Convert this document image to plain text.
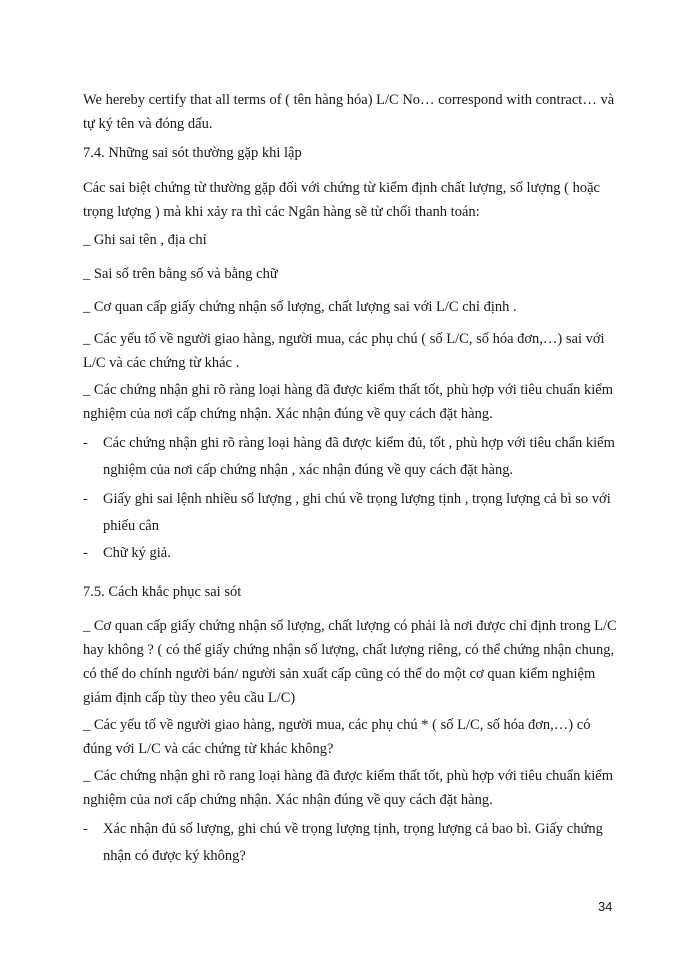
We hereby certify that all terms of ( tên hàng hóa) L/C No… correspond with contract… và tự ký tên và đóng dấu.

7.4. Những sai sót thường gặp khi lập

Các sai biệt chứng từ thường gặp đối với chứng từ kiểm định chất lượng, số lượng ( hoặc trọng lượng ) mà khi xảy ra thì các Ngân hàng sẽ từ chối thanh toán:

_ Ghi sai tên , địa chỉ

_ Sai số trên bằng số và bằng chữ

_ Cơ quan cấp giấy chứng nhận số lượng, chất lượng sai với L/C chỉ định .

_ Các yếu tố về người giao hàng, người mua, các phụ chú ( số L/C, số hóa đơn,…) sai với L/C và các chứng từ khác .

_ Các chứng nhận ghi rõ ràng loại hàng đã được kiểm thất tốt, phù hợp với tiêu chuẩn kiểm nghiệm của nơi cấp chứng nhận. Xác nhận đúng về quy cách đặt hàng.

-	Các chứng nhận ghi rõ ràng loại hàng đã được kiểm đủ, tốt , phù hợp với tiêu chẩn kiểm nghiệm của nơi cấp chứng nhận , xác nhận đúng về quy cách đặt hàng.
-	Giấy ghi sai lệnh nhiều số lượng , ghi chú về trọng lượng tịnh , trọng lượng cả bì so với phiếu cân
-	Chữ ký giả.

7.5. Cách khắc phục sai sót

_ Cơ quan cấp giấy chứng nhận số lượng, chất lượng có phải là nơi được chỉ định trong L/C hay không ? ( có thể giấy chứng nhận số lượng, chất lượng riêng, có thể chứng nhận chung, có thể do chính người bán/ người sản xuất cấp cũng có thể do một cơ quan kiểm nghiệm giám định cấp tùy theo yêu cầu L/C)

_ Các yếu tố về người giao hàng, người mua, các phụ chú * ( số L/C, số hóa đơn,…) có đúng với L/C và các chứng từ khác không?

_ Các chứng nhận ghi rõ rang loại hàng đã được kiểm thất tốt, phù hợp với tiêu chuẩn kiểm nghiệm của nơi cấp chứng nhận. Xác nhận đúng về quy cách đặt hàng.

-	Xác nhận đủ số lượng, ghi chú về trọng lượng tịnh, trọng lượng cả bao bì. Giấy chứng nhận có được ký không?
34
